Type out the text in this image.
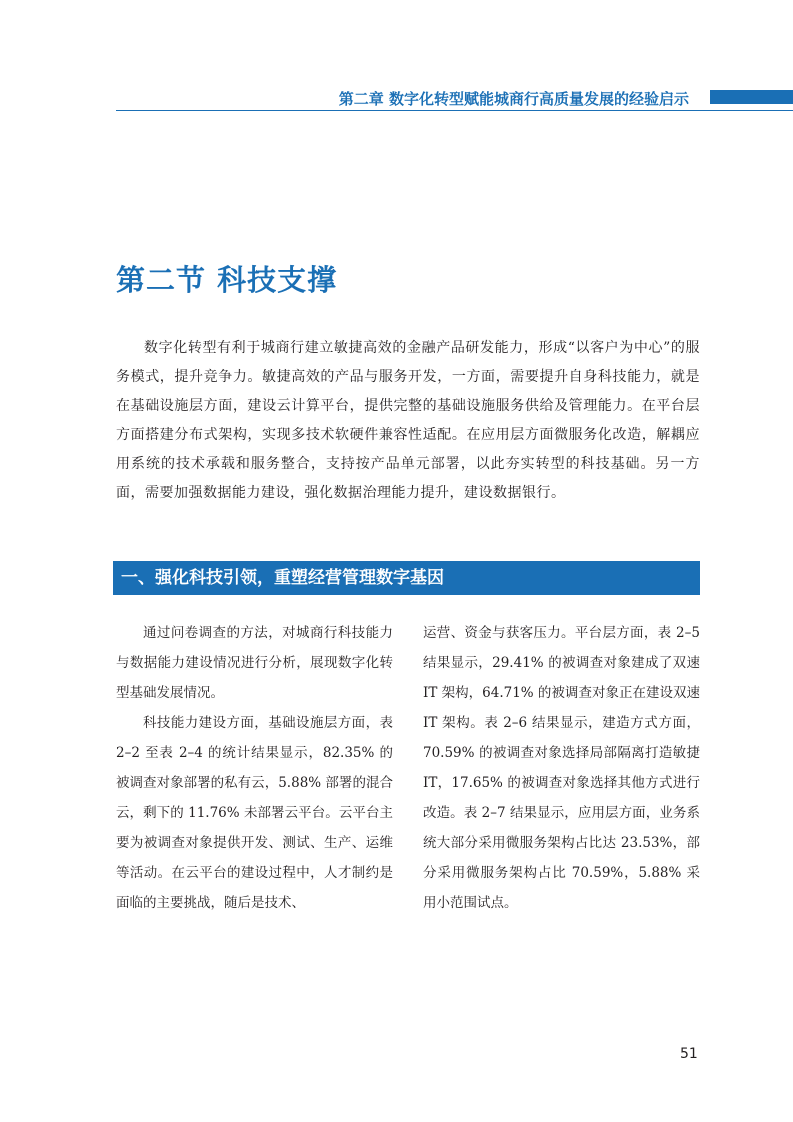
第二章 数字化转型赋能城商行高质量发展的经验启示
第二节 科技支撑

数字化转型有利于城商行建立敏捷高效的金融产品研发能力，形成“以客户为中心”的服务模式，提升竞争力。敏捷高效的产品与服务开发，一方面，需要提升自身科技能力，就是在基础设施层方面，建设云计算平台，提供完整的基础设施服务供给及管理能力。在平台层方面搭建分布式架构，实现多技术软硬件兼容性适配。在应用层方面微服务化改造，解耦应用系统的技术承载和服务整合，支持按产品单元部署，以此夯实转型的科技基础。另一方面，需要加强数据能力建设，强化数据治理能力提升，建设数据银行。

一、强化科技引领，重塑经营管理数字基因

通过问卷调查的方法，对城商行科技能力与数据能力建设情况进行分析，展现数字化转型基础发展情况。

科技能力建设方面，基础设施层方面，表 2–2 至表 2–4 的统计结果显示，82.35% 的被调查对象部署的私有云，5.88% 部署的混合云，剩下的 11.76% 未部署云平台。云平台主要为被调查对象提供开发、测试、生产、运维等活动。在云平台的建设过程中，人才制约是面临的主要挑战，随后是技术、

运营、资金与获客压力。平台层方面，表 2–5 结果显示，29.41% 的被调查对象建成了双速 IT 架构，64.71% 的被调查对象正在建设双速 IT 架构。表 2–6 结果显示，建造方式方面，70.59% 的被调查对象选择局部隔离打造敏捷 IT，17.65% 的被调查对象选择其他方式进行改造。表 2–7 结果显示，应用层方面，业务系统大部分采用微服务架构占比达 23.53%，部分采用微服务架构占比 70.59%，5.88% 采用小范围试点。

51
